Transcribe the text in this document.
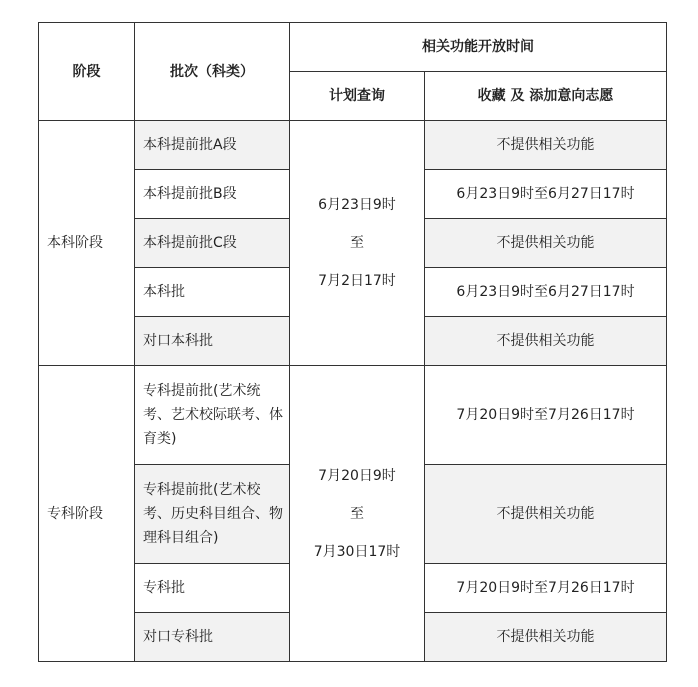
阶段	批次（科类）	相关功能开放时间	
		计划查询	收藏 及 添加意向志愿
本科阶段	本科提前批A段	6月23日9时
至
7月2日17时	不提供相关功能
	本科提前批B段		6月23日9时至6月27日17时
	本科提前批C段		不提供相关功能
	本科批		6月23日9时至6月27日17时
	对口本科批		不提供相关功能
专科阶段	专科提前批(艺术统考、艺术校际联考、体育类)	7月20日9时
至
7月30日17时	7月20日9时至7月26日17时
	专科提前批(艺术校考、历史科目组合、物理科目组合)		不提供相关功能
	专科批		7月20日9时至7月26日17时
	对口专科批		不提供相关功能
